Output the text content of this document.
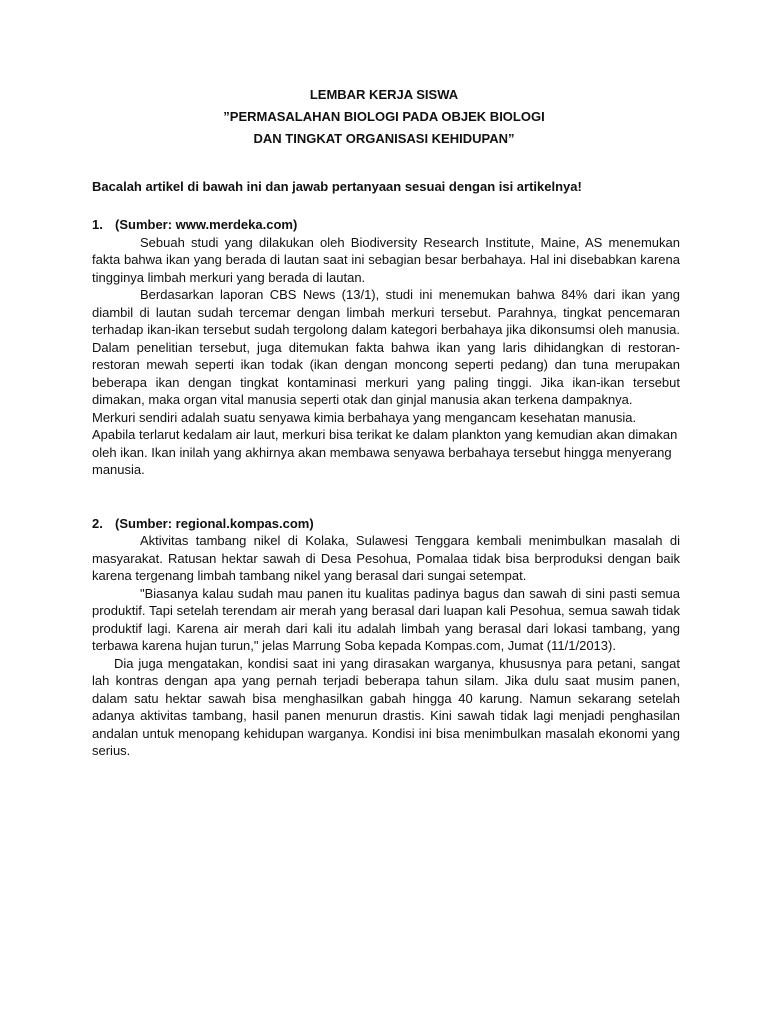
LEMBAR KERJA SISWA
”PERMASALAHAN BIOLOGI PADA OBJEK BIOLOGI
DAN TINGKAT ORGANISASI KEHIDUPAN”
Bacalah artikel di bawah ini dan jawab pertanyaan sesuai dengan isi artikelnya!
1. (Sumber: www.merdeka.com)

Sebuah studi yang dilakukan oleh Biodiversity Research Institute, Maine, AS menemukan fakta bahwa ikan yang berada di lautan saat ini sebagian besar berbahaya. Hal ini disebabkan karena tingginya limbah merkuri yang berada di lautan.

Berdasarkan laporan CBS News (13/1), studi ini menemukan bahwa 84% dari ikan yang diambil di lautan sudah tercemar dengan limbah merkuri tersebut. Parahnya, tingkat pencemaran terhadap ikan-ikan tersebut sudah tergolong dalam kategori berbahaya jika dikonsumsi oleh manusia. Dalam penelitian tersebut, juga ditemukan fakta bahwa ikan yang laris dihidangkan di restoran-restoran mewah seperti ikan todak (ikan dengan moncong seperti pedang) dan tuna merupakan beberapa ikan dengan tingkat kontaminasi merkuri yang paling tinggi. Jika ikan-ikan tersebut dimakan, maka organ vital manusia seperti otak dan ginjal manusia akan terkena dampaknya.

Merkuri sendiri adalah suatu senyawa kimia berbahaya yang mengancam kesehatan manusia. Apabila terlarut kedalam air laut, merkuri bisa terikat ke dalam plankton yang kemudian akan dimakan oleh ikan. Ikan inilah yang akhirnya akan membawa senyawa berbahaya tersebut hingga menyerang manusia.

2. (Sumber: regional.kompas.com)

Aktivitas tambang nikel di Kolaka, Sulawesi Tenggara kembali menimbulkan masalah di masyarakat. Ratusan hektar sawah di Desa Pesohua, Pomalaa tidak bisa berproduksi dengan baik karena tergenang limbah tambang nikel yang berasal dari sungai setempat.

"Biasanya kalau sudah mau panen itu kualitas padinya bagus dan sawah di sini pasti semua produktif. Tapi setelah terendam air merah yang berasal dari luapan kali Pesohua, semua sawah tidak produktif lagi. Karena air merah dari kali itu adalah limbah yang berasal dari lokasi tambang, yang terbawa karena hujan turun," jelas Marrung Soba kepada Kompas.com, Jumat (11/1/2013).

Dia juga mengatakan, kondisi saat ini yang dirasakan warganya, khususnya para petani, sangat lah kontras dengan apa yang pernah terjadi beberapa tahun silam. Jika dulu saat musim panen, dalam satu hektar sawah bisa menghasilkan gabah hingga 40 karung. Namun sekarang setelah adanya aktivitas tambang, hasil panen menurun drastis. Kini sawah tidak lagi menjadi penghasilan andalan untuk menopang kehidupan warganya. Kondisi ini bisa menimbulkan masalah ekonomi yang serius.
